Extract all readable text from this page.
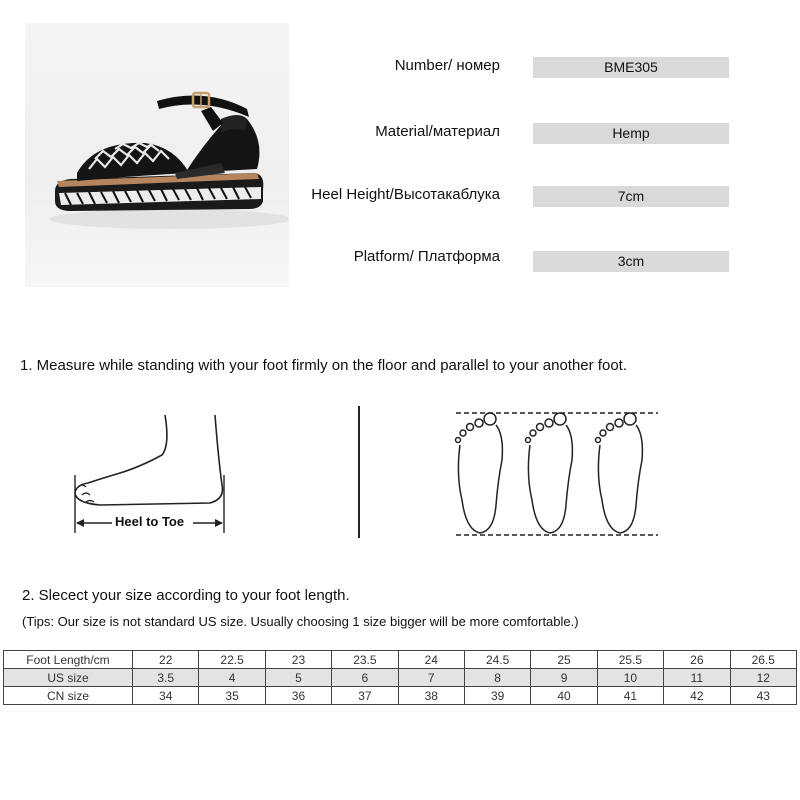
Number/ номер	BME305
Material/материал	Hemp
Heel Height/Высотакаблука	7cm
Platform/ Платформа	3cm
1. Measure while standing with your foot firmly on the floor and parallel to your another foot.
Heel to Toe
2. Slecect your size according to your foot length.
(Tips: Our size is not standard US size. Usually choosing 1 size bigger will be more comfortable.)
Foot Length/cm	22	22.5	23	23.5	24	24.5	25	25.5	26	26.5
US size	3.5	4	5	6	7	8	9	10	11	12
CN size	34	35	36	37	38	39	40	41	42	43
